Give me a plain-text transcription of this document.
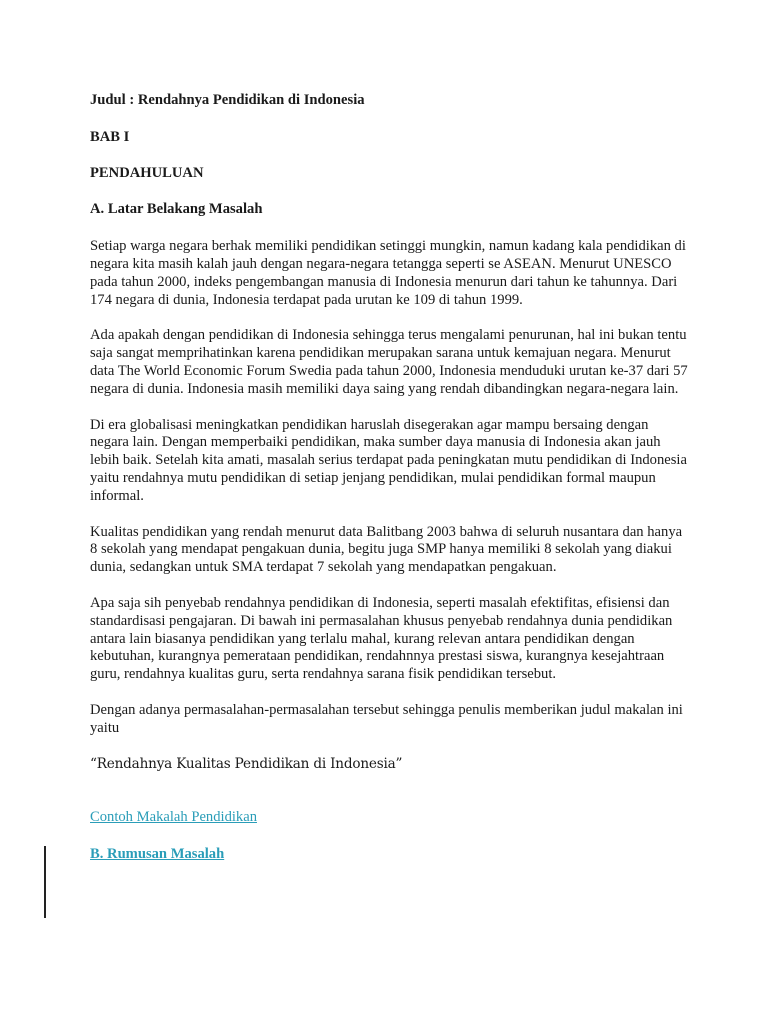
Judul : Rendahnya Pendidikan di Indonesia

BAB I

PENDAHULUAN

A. Latar Belakang Masalah

Setiap warga negara berhak memiliki pendidikan setinggi mungkin, namun kadang kala pendidikan di negara kita masih kalah jauh dengan negara-negara tetangga seperti se ASEAN. Menurut UNESCO pada tahun 2000, indeks pengembangan manusia di Indonesia menurun dari tahun ke tahunnya. Dari 174 negara di dunia, Indonesia terdapat pada urutan ke 109 di tahun 1999.

Ada apakah dengan pendidikan di Indonesia sehingga terus mengalami penurunan, hal ini bukan tentu saja sangat memprihatinkan karena pendidikan merupakan sarana untuk kemajuan negara. Menurut data The World Economic Forum Swedia pada tahun 2000, Indonesia menduduki urutan ke-37 dari 57 negara di dunia. Indonesia masih memiliki daya saing yang rendah dibandingkan negara-negara lain.

Di era globalisasi meningkatkan pendidikan haruslah disegerakan agar mampu bersaing dengan negara lain. Dengan memperbaiki pendidikan, maka sumber daya manusia di Indonesia akan jauh lebih baik. Setelah kita amati, masalah serius terdapat pada peningkatan mutu pendidikan di Indonesia yaitu rendahnya mutu pendidikan di setiap jenjang pendidikan, mulai pendidikan formal maupun informal.

Kualitas pendidikan yang rendah menurut data Balitbang 2003 bahwa di seluruh nusantara dan hanya 8 sekolah yang mendapat pengakuan dunia, begitu juga SMP hanya memiliki 8 sekolah yang diakui dunia, sedangkan untuk SMA terdapat 7 sekolah yang mendapatkan pengakuan.

Apa saja sih penyebab rendahnya pendidikan di Indonesia, seperti masalah efektifitas, efisiensi dan standardisasi pengajaran. Di bawah ini permasalahan khusus penyebab rendahnya dunia pendidikan antara lain biasanya pendidikan yang terlalu mahal, kurang relevan antara pendidikan dengan kebutuhan, kurangnya pemerataan pendidikan, rendahnnya prestasi siswa, kurangnya kesejahtraan guru, rendahnya kualitas guru, serta rendahnya sarana fisik pendidikan tersebut.

Dengan adanya permasalahan-permasalahan tersebut sehingga penulis memberikan judul makalan ini yaitu

“Rendahnya Kualitas Pendidikan di Indonesia”

Contoh Makalah Pendidikan

B. Rumusan Masalah
